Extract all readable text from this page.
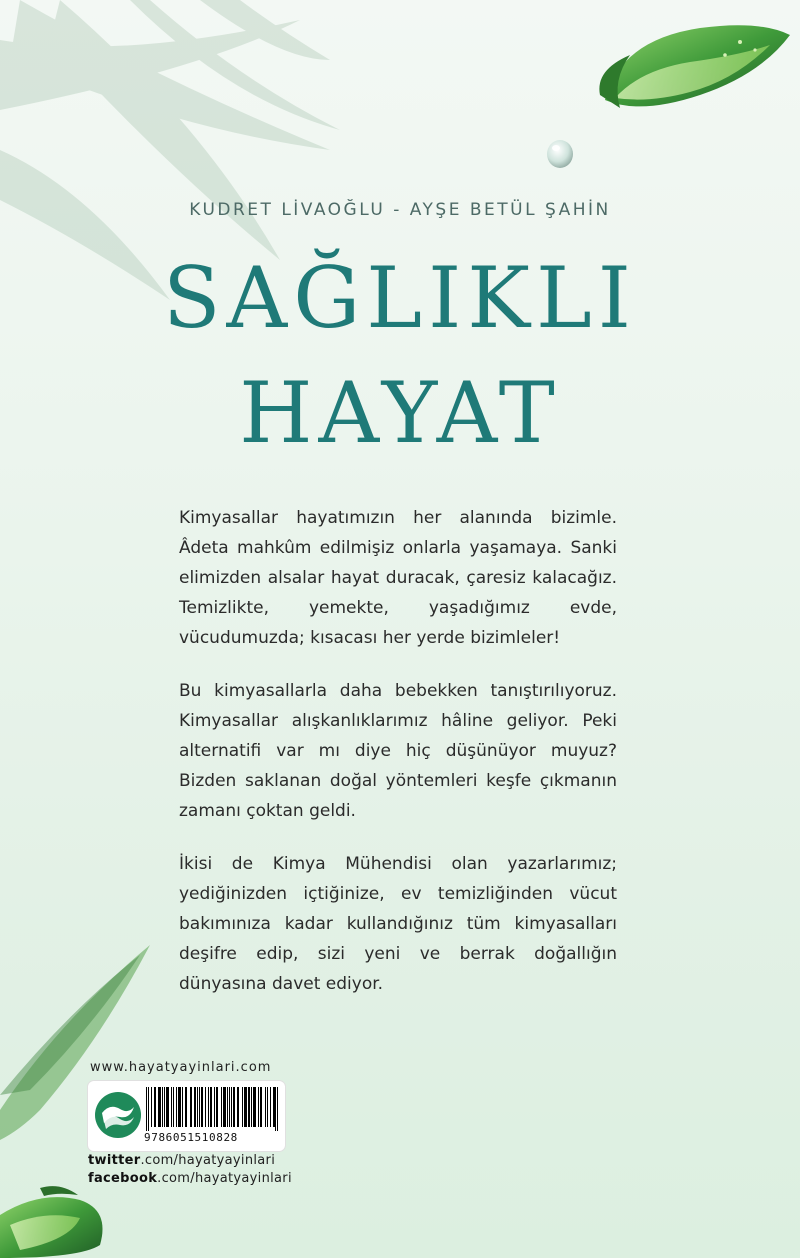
KUDRET LİVAOĞLU - AYŞE BETÜL ŞAHİN
SAĞLIKLI
HAYAT

Kimyasallar hayatımızın her alanında bizimle. Âdeta mahkûm edilmişiz onlarla yaşamaya. Sanki elimizden alsalar hayat duracak, çaresiz kalacağız. Temizlikte, yemekte, yaşadığımız evde, vücudumuzda; kısacası her yerde bizimleler!

Bu kimyasallarla daha bebekken tanıştırılıyoruz. Kimyasallar alışkanlıklarımız hâline geliyor. Peki alternatifi var mı diye hiç düşünüyor muyuz? Bizden saklanan doğal yöntemleri keşfe çıkmanın zamanı çoktan geldi.

İkisi de Kimya Mühendisi olan yazarlarımız; yediğinizden içtiğinize, ev temizliğinden vücut bakımınıza kadar kullandığınız tüm kimyasalları deşifre edip, sizi yeni ve berrak doğallığın dünyasına davet ediyor.

www.hayatyayinlari.com
9786051510828
twitter.com/hayatyayinlari
facebook.com/hayatyayinlari
